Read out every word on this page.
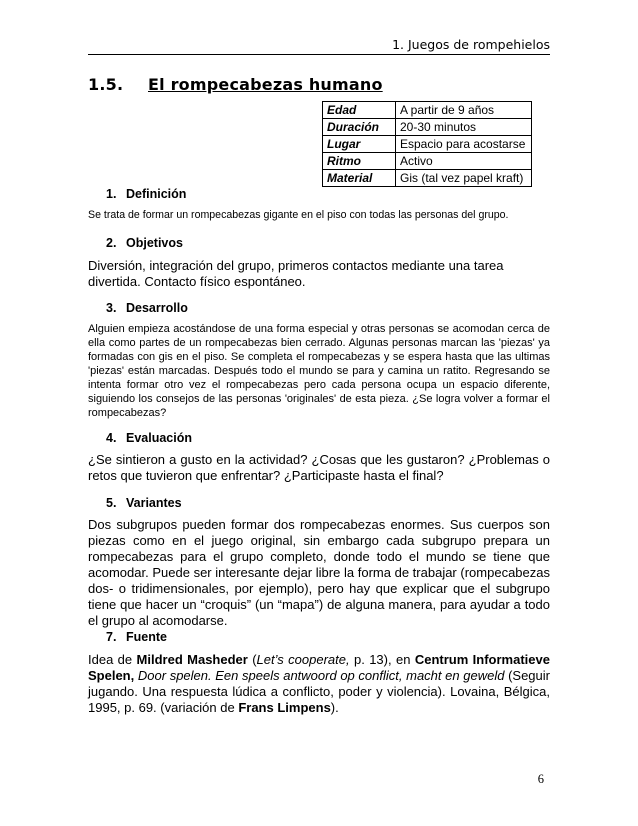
1. Juegos de rompehielos
1.5. El rompecabezas humano
Edad	A partir de 9 años
Duración	20-30 minutos
Lugar	Espacio para acostarse
Ritmo	Activo
Material	Gis (tal vez papel kraft)
1. Definición

Se trata de formar un rompecabezas gigante en el piso con todas las personas del grupo.

2. Objetivos

Diversión, integración del grupo, primeros contactos mediante una tarea divertida. Contacto físico espontáneo.

3. Desarrollo

Alguien empieza acostándose de una forma especial y otras personas se acomodan cerca de ella como partes de un rompecabezas bien cerrado. Algunas personas marcan las 'piezas' ya formadas con gis en el piso. Se completa el rompecabezas y se espera hasta que las ultimas 'piezas' están marcadas. Después todo el mundo se para y camina un ratito. Regresando se intenta formar otro vez el rompecabezas pero cada persona ocupa un espacio diferente, siguiendo los consejos de las personas 'originales' de esta pieza. ¿Se logra volver a formar el rompecabezas?

4. Evaluación

¿Se sintieron a gusto en la actividad? ¿Cosas que les gustaron? ¿Problemas o retos que tuvieron que enfrentar? ¿Participaste hasta el final?

5. Variantes

Dos subgrupos pueden formar dos rompecabezas enormes. Sus cuerpos son piezas como en el juego original, sin embargo cada subgrupo prepara un rompecabezas para el grupo completo, donde todo el mundo se tiene que acomodar. Puede ser interesante dejar libre la forma de trabajar (rompecabezas dos- o tridimensionales, por ejemplo), pero hay que explicar que el subgrupo tiene que hacer un “croquis” (un “mapa”) de alguna manera, para ayudar a todo el grupo al acomodarse.

7. Fuente

Idea de Mildred Masheder (Let’s cooperate, p. 13), en Centrum Informatieve Spelen, Door spelen. Een speels antwoord op conflict, macht en geweld (Seguir jugando. Una respuesta lúdica a conflicto, poder y violencia). Lovaina, Bélgica, 1995, p. 69. (variación de Frans Limpens).

6
